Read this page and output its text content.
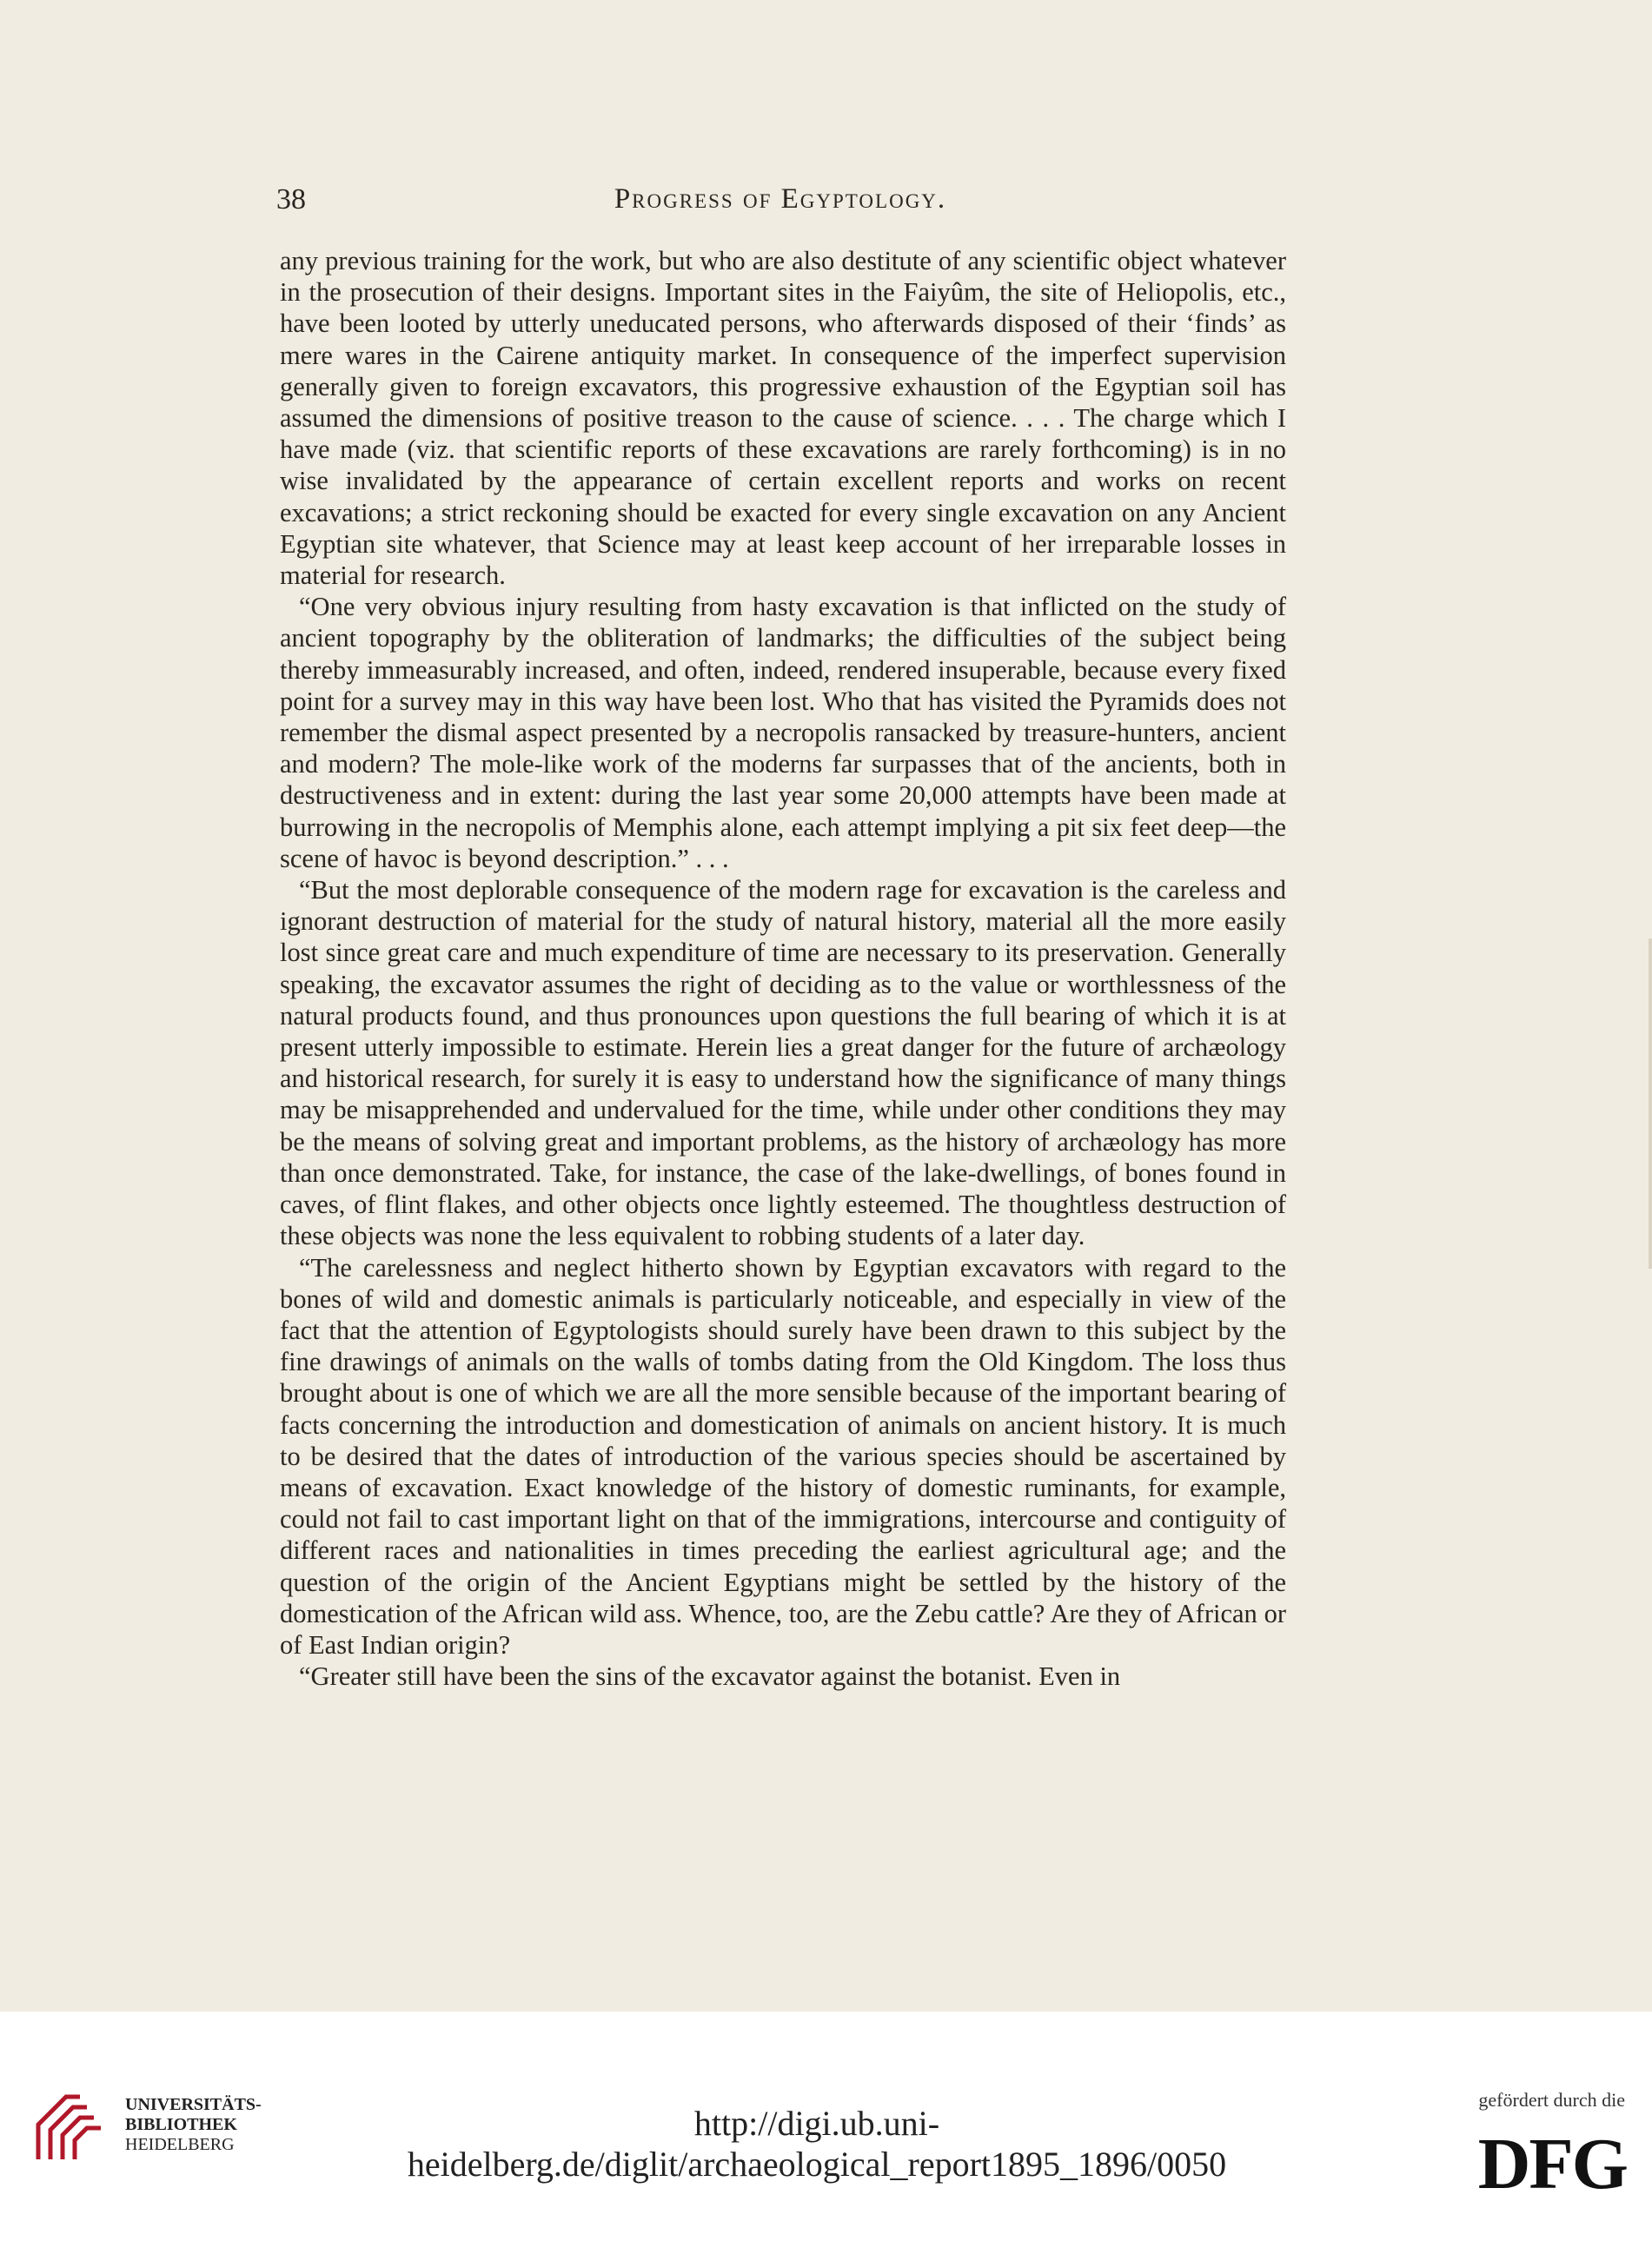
38	Progress of Egyptology.

any previous training for the work, but who are also destitute of any scientific object whatever in the prosecution of their designs. Important sites in the Faiyûm, the site of Heliopolis, etc., have been looted by utterly uneducated persons, who afterwards disposed of their ‘finds’ as mere wares in the Cairene antiquity market. In consequence of the imperfect supervision generally given to foreign excavators, this progressive exhaustion of the Egyptian soil has assumed the dimensions of positive treason to the cause of science. . . . The charge which I have made (viz. that scientific reports of these excavations are rarely forthcoming) is in no wise invalidated by the appearance of certain excellent reports and works on recent excavations; a strict reckoning should be exacted for every single excavation on any Ancient Egyptian site whatever, that Science may at least keep account of her irreparable losses in material for research.

“One very obvious injury resulting from hasty excavation is that inflicted on the study of ancient topography by the obliteration of landmarks; the difficulties of the subject being thereby immeasurably increased, and often, indeed, rendered insuperable, because every fixed point for a survey may in this way have been lost. Who that has visited the Pyramids does not remember the dismal aspect presented by a necropolis ransacked by treasure-hunters, ancient and modern? The mole-like work of the moderns far surpasses that of the ancients, both in destructiveness and in extent: during the last year some 20,000 attempts have been made at burrowing in the necropolis of Memphis alone, each attempt implying a pit six feet deep—the scene of havoc is beyond description.” . . .

“But the most deplorable consequence of the modern rage for excavation is the careless and ignorant destruction of material for the study of natural history, material all the more easily lost since great care and much expenditure of time are necessary to its preservation. Generally speaking, the excavator assumes the right of deciding as to the value or worthlessness of the natural products found, and thus pronounces upon questions the full bearing of which it is at present utterly impossible to estimate. Herein lies a great danger for the future of archæology and historical research, for surely it is easy to understand how the significance of many things may be misapprehended and undervalued for the time, while under other conditions they may be the means of solving great and important problems, as the history of archæology has more than once demonstrated. Take, for instance, the case of the lake-dwellings, of bones found in caves, of flint flakes, and other objects once lightly esteemed. The thoughtless destruction of these objects was none the less equivalent to robbing students of a later day.

“The carelessness and neglect hitherto shown by Egyptian excavators with regard to the bones of wild and domestic animals is particularly noticeable, and especially in view of the fact that the attention of Egyptologists should surely have been drawn to this subject by the fine drawings of animals on the walls of tombs dating from the Old Kingdom. The loss thus brought about is one of which we are all the more sensible because of the important bearing of facts concerning the introduction and domestication of animals on ancient history. It is much to be desired that the dates of introduction of the various species should be ascertained by means of excavation. Exact knowledge of the history of domestic ruminants, for example, could not fail to cast important light on that of the immigrations, intercourse and contiguity of different races and nationalities in times preceding the earliest agricultural age; and the question of the origin of the Ancient Egyptians might be settled by the history of the domestication of the African wild ass. Whence, too, are the Zebu cattle? Are they of African or of East Indian origin?

“Greater still have been the sins of the excavator against the botanist. Even in

UNIVERSITÄTS-
BIBLIOTHEK
HEIDELBERG
http://digi.ub.uni-heidelberg.de/diglit/archaeological_report1895_1896/0050
gefördert durch die
DFG
